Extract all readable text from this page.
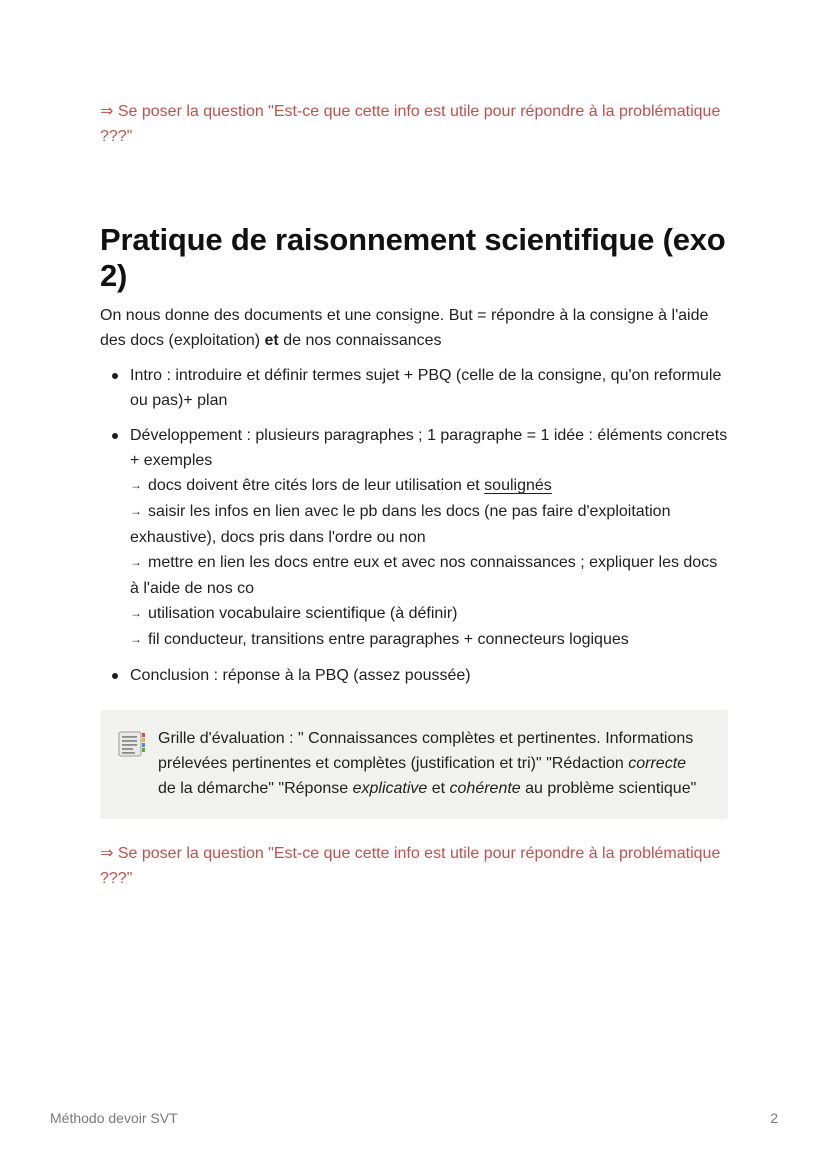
⇒ Se poser la question "Est-ce que cette info est utile pour répondre à la problématique ???"

Pratique de raisonnement scientifique (exo 2)

On nous donne des documents et une consigne. But = répondre à la consigne à l'aide des docs (exploitation) et de nos connaissances

Intro : introduire et définir termes sujet + PBQ (celle de la consigne, qu'on reformule ou pas)+ plan
Développement : plusieurs paragraphes ; 1 paragraphe = 1 idée : éléments concrets + exemples
→ docs doivent être cités lors de leur utilisation et soulignés
→ saisir les infos en lien avec le pb dans les docs (ne pas faire d'exploitation exhaustive), docs pris dans l'ordre ou non
→ mettre en lien les docs entre eux et avec nos connaissances ; expliquer les docs à l'aide de nos co
→ utilisation vocabulaire scientifique (à définir)
→ fil conducteur, transitions entre paragraphes + connecteurs logiques
Conclusion : réponse à la PBQ (assez poussée)
Grille d'évaluation : " Connaissances complètes et pertinentes. Informations prélevées pertinentes et complètes (justification et tri)" "Rédaction correcte de la démarche" "Réponse explicative et cohérente au problème scientique"

⇒ Se poser la question "Est-ce que cette info est utile pour répondre à la problématique ???"

Méthodo devoir SVT	2
